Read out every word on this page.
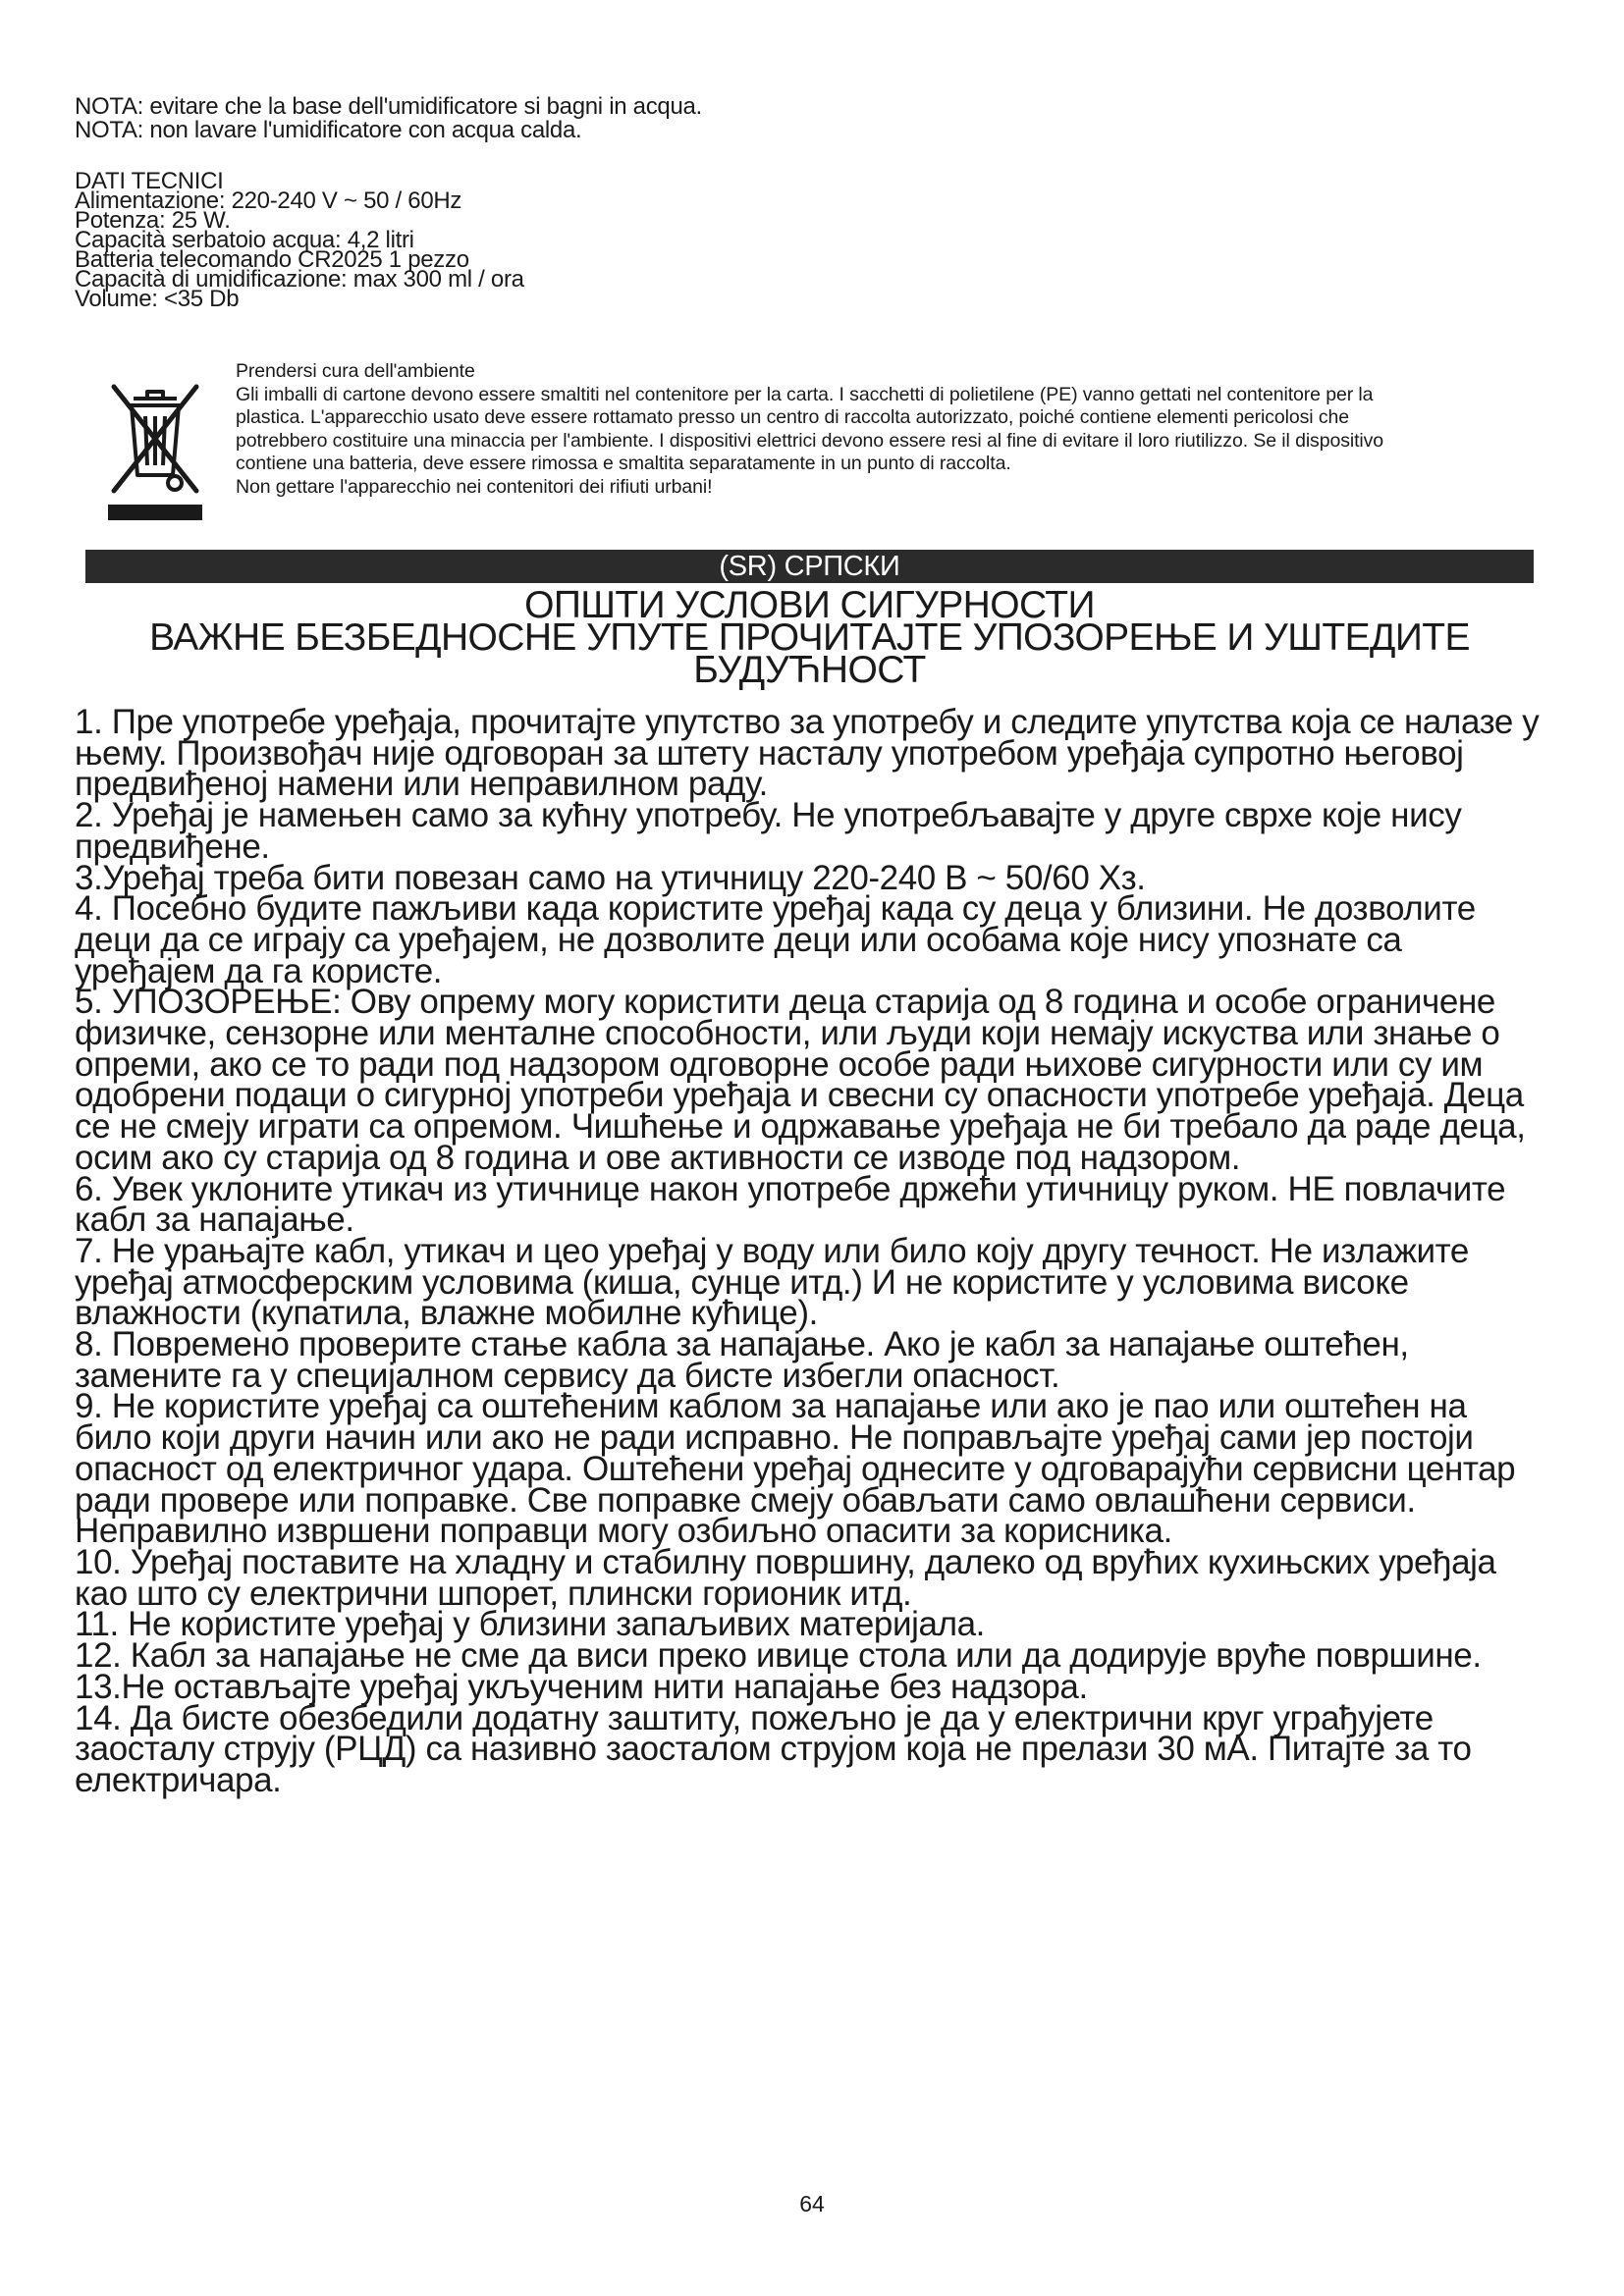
NOTA: evitare che la base dell'umidificatore si bagni in acqua.
NOTA: non lavare l'umidificatore con acqua calda.
DATI TECNICI
Alimentazione: 220-240 V ~ 50 / 60Hz
Potenza: 25 W.
Capacità serbatoio acqua: 4,2 litri
Batteria telecomando CR2025 1 pezzo
Capacità di umidificazione: max 300 ml / ora
Volume: <35 Db
Prendersi cura dell'ambiente
Gli imballi di cartone devono essere smaltiti nel contenitore per la carta. I sacchetti di polietilene (PE) vanno gettati nel contenitore per la
plastica. L'apparecchio usato deve essere rottamato presso un centro di raccolta autorizzato, poiché contiene elementi pericolosi che
potrebbero costituire una minaccia per l'ambiente. I dispositivi elettrici devono essere resi al fine di evitare il loro riutilizzo. Se il dispositivo
contiene una batteria, deve essere rimossa e smaltita separatamente in un punto di raccolta.
Non gettare l'apparecchio nei contenitori dei rifiuti urbani!
(SR) СРПСКИ
ОПШТИ УСЛОВИ СИГУРНОСТИ
ВАЖНЕ БЕЗБЕДНОСНЕ УПУТЕ ПРОЧИТАЈТЕ УПОЗОРЕЊЕ И УШТЕДИТЕ
БУДУЋНОСТ
1. Пре употребе уређаја, прочитајте упутство за употребу и следите упутства која се налазе у њему. Произвођач није одговоран за штету насталу употребом уређаја супротно његовој предвиђеној намени или неправилном раду.
2. Уређај је намењен само за кућну употребу. Не употребљавајте у друге сврхе које нису предвиђене.
3.Уређај треба бити повезан само на утичницу 220-240 В ~ 50/60 Хз.
4. Посебно будите пажљиви када користите уређај када су деца у близини. Не дозволите деци да се играју са уређајем, не дозволите деци или особама које нису упознате са уређајем да га користе.
5. УПОЗОРЕЊЕ: Ову опрему могу користити деца старија од 8 година и особе ограничене физичке, сензорне или менталне способности, или људи који немају искуства или знање о опреми, ако се то ради под надзором одговорне особе ради њихове сигурности или су им одобрени подаци о сигурној употреби уређаја и свесни су опасности употребе уређаја. Деца се не смеју играти са опремом. Чишћење и одржавање уређаја не би требало да раде деца, осим ако су старија од 8 година и ове активности се изводе под надзором.
6. Увек уклоните утикач из утичнице након употребе држећи утичницу руком. НЕ повлачите кабл за напајање.
7. Не урањајте кабл, утикач и цео уређај у воду или било коју другу течност. Не излажите уређај атмосферским условима (киша, сунце итд.) И не користите у условима високе влажности (купатила, влажне мобилне кућице).
8. Повремено проверите стање кабла за напајање. Ако је кабл за напајање оштећен, замените га у специјалном сервису да бисте избегли опасност.
9. Не користите уређај са оштећеним каблом за напајање или ако је пао или оштећен на било који други начин или ако не ради исправно. Не поправљајте уређај сами јер постоји опасност од електричног удара. Оштећени уређај однесите у одговарајући сервисни центар ради провере или поправке. Све поправке смеју обављати само овлашћени сервиси. Неправилно извршени поправци могу озбиљно опасити за корисника.
10. Уређај поставите на хладну и стабилну површину, далеко од врућих кухињских уређаја као што су електрични шпорет, плински горионик итд.
11. Не користите уређај у близини запаљивих материјала.
12. Кабл за напајање не сме да виси преко ивице стола или да додирује вруће површине.
13.Не остављајте уређај укљученим нити напајање без надзора.
14. Да бисте обезбедили додатну заштиту, пожељно је да у електрични круг уграђујете заосталу струју (РЦД) са називно заосталом струјом која не прелази 30 мА. Питајте за то електричара.
64
